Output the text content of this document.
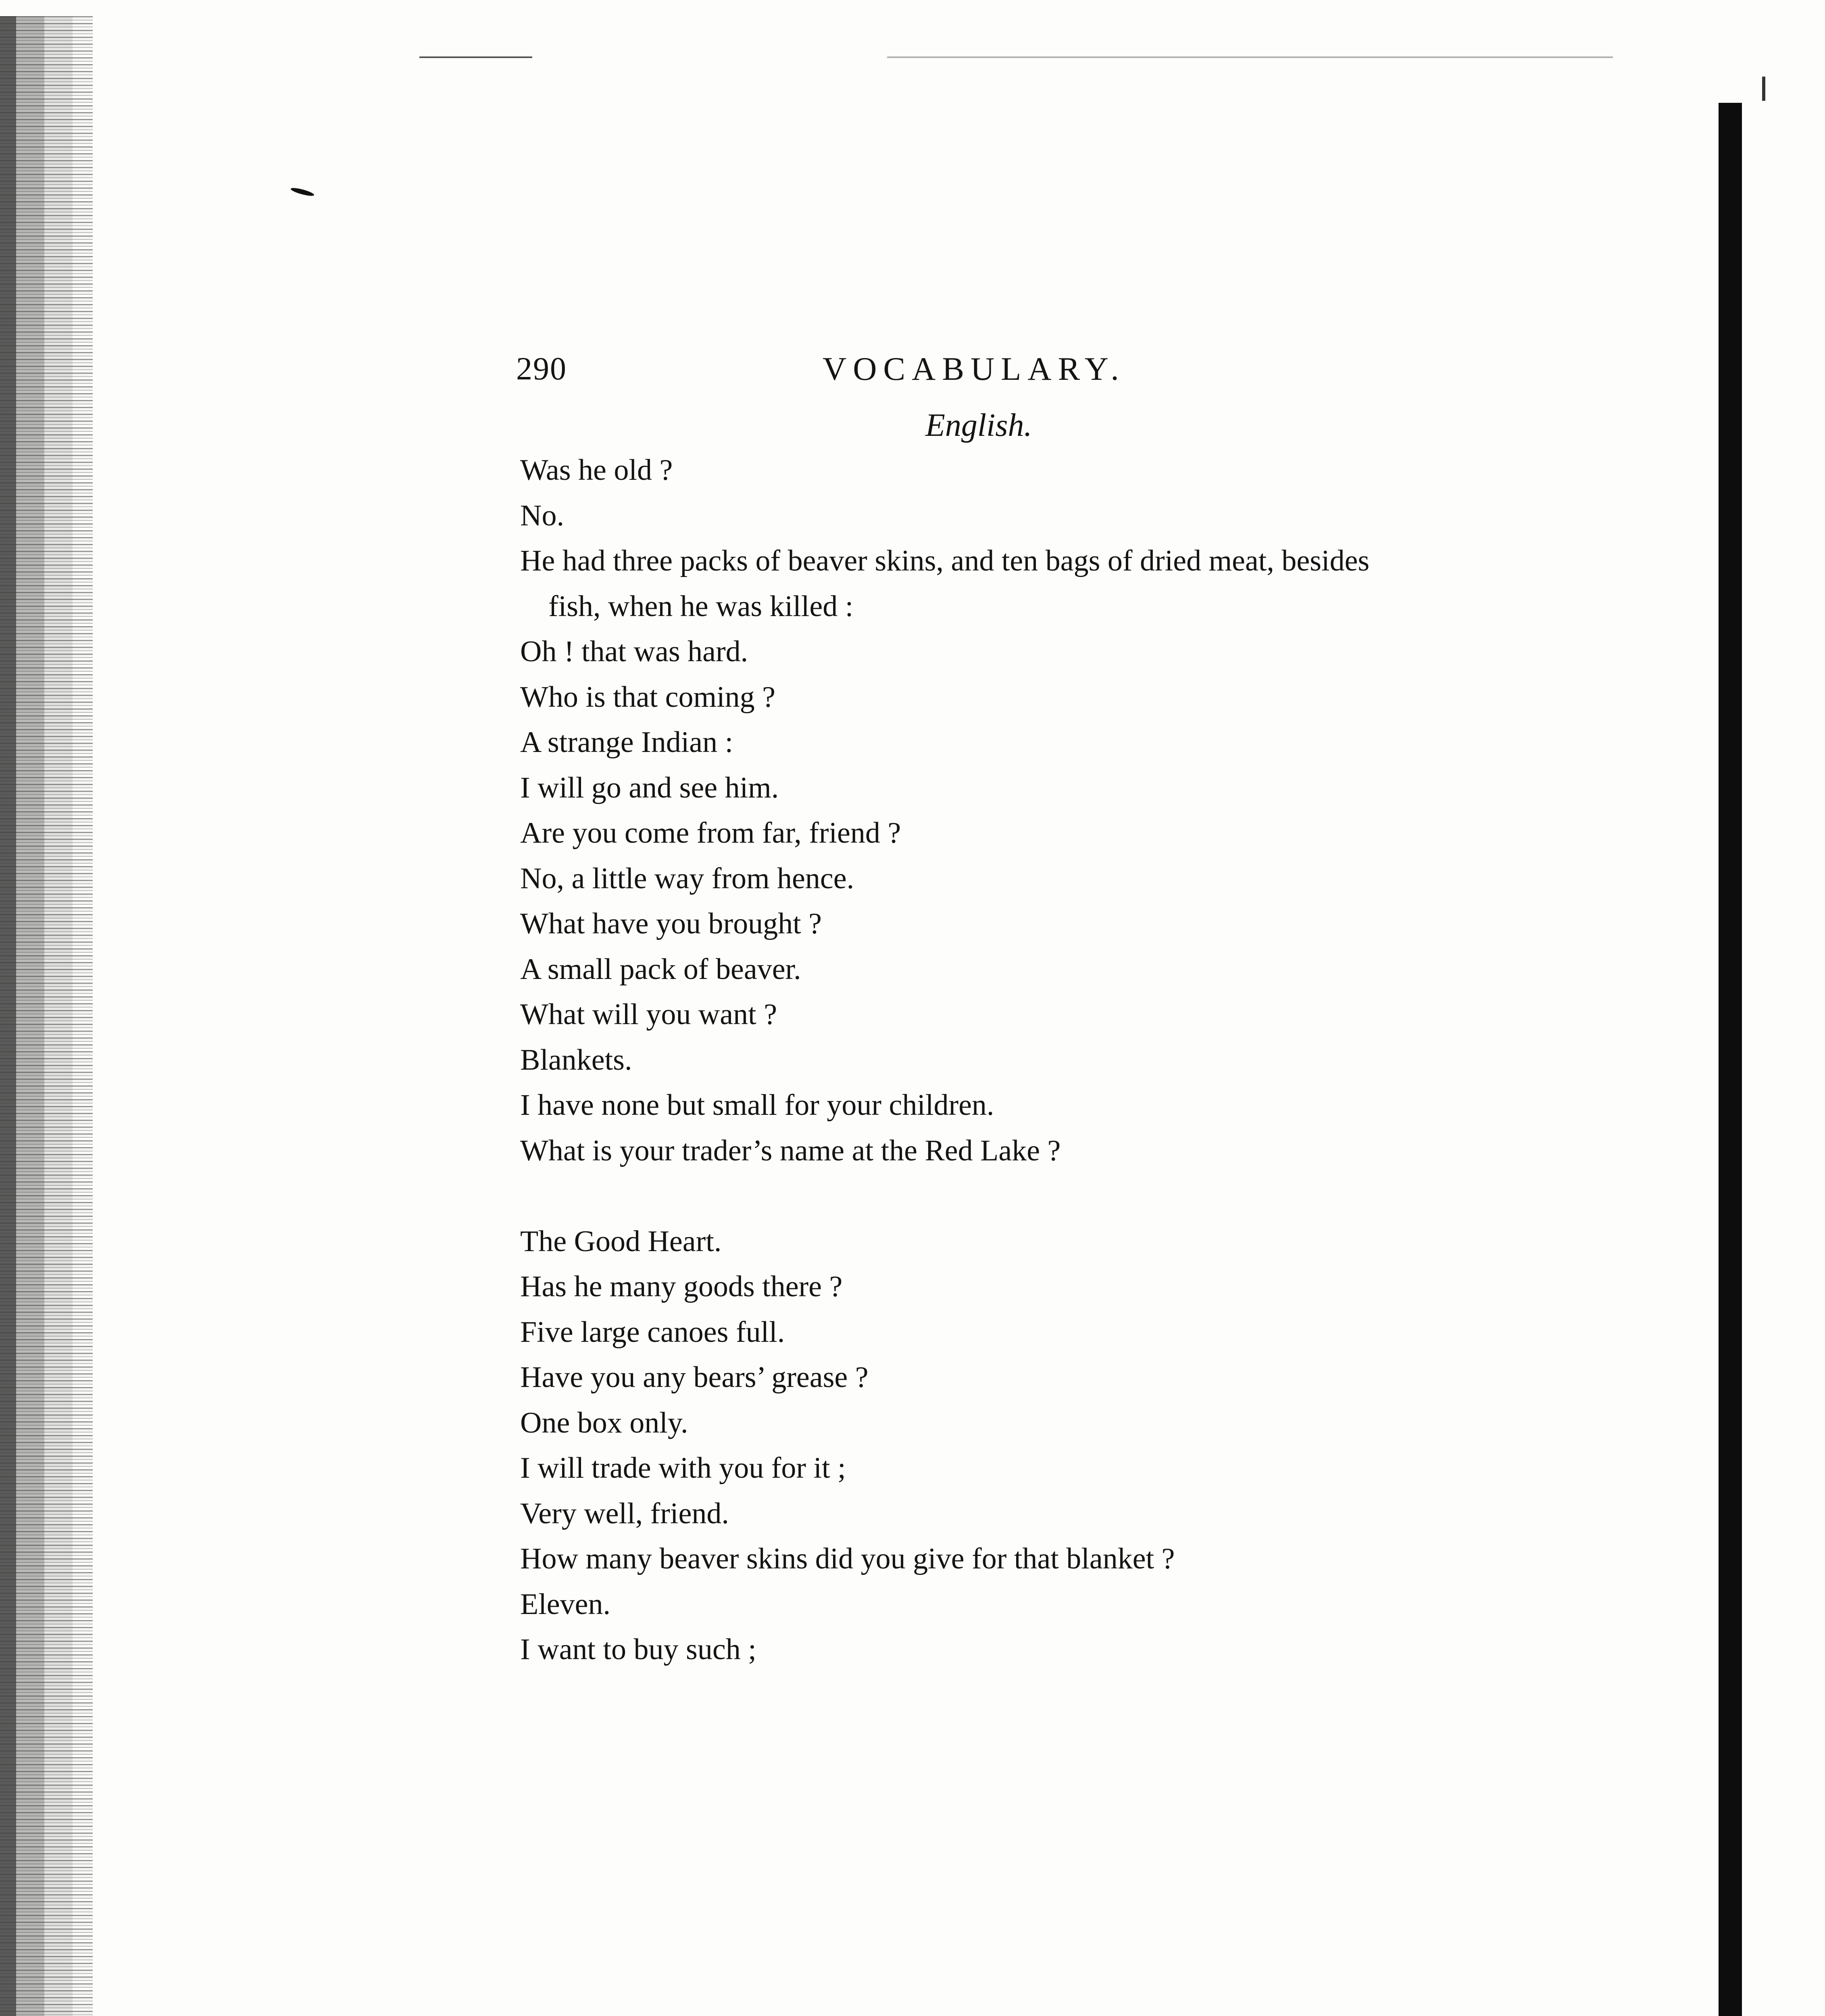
290	VOCABULARY.
English.
Was he old ?
No.
He had three packs of beaver skins, and ten bags of dried meat, besides
fish, when he was killed :
Oh ! that was hard.
Who is that coming ?
A strange Indian :
I will go and see him.
Are you come from far, friend ?
No, a little way from hence.
What have you brought ?
A small pack of beaver.
What will you want ?
Blankets.
I have none but small for your children.
What is your trader’s name at the Red Lake ?
The Good Heart.
Has he many goods there ?
Five large canoes full.
Have you any bears’ grease ?
One box only.
I will trade with you for it ;
Very well, friend.
How many beaver skins did you give for that blanket ?
Eleven.
I want to buy such ;
